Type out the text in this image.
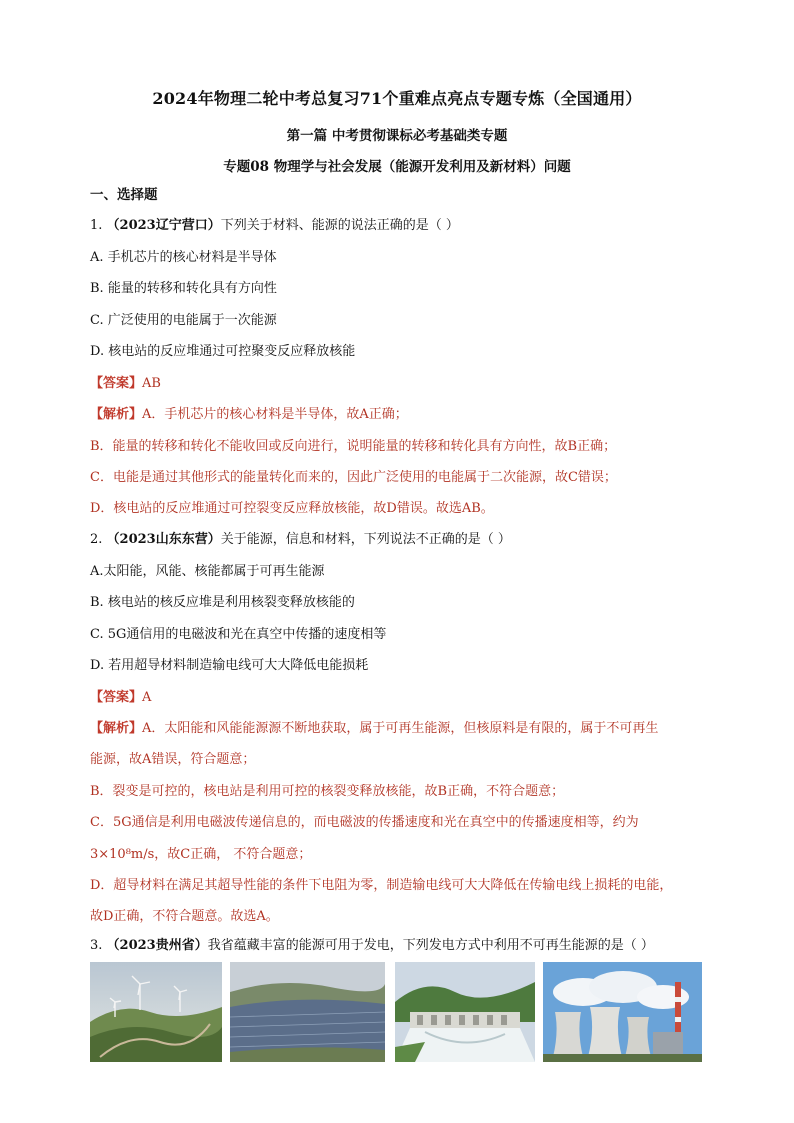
2024年物理二轮中考总复习71个重难点亮点专题专炼（全国通用）
第一篇 中考贯彻课标必考基础类专题
专题08 物理学与社会发展（能源开发利用及新材料）问题
一、选择题
1. （2023辽宁营口）下列关于材料、能源的说法正确的是（ ）
A. 手机芯片的核心材料是半导体
B. 能量的转移和转化具有方向性
C. 广泛使用的电能属于一次能源
D. 核电站的反应堆通过可控聚变反应释放核能
【答案】AB
【解析】A．手机芯片的核心材料是半导体，故A正确；
B．能量的转移和转化不能收回或反向进行，说明能量的转移和转化具有方向性，故B正确；
C．电能是通过其他形式的能量转化而来的，因此广泛使用的电能属于二次能源，故C错误；
D．核电站的反应堆通过可控裂变反应释放核能，故D错误。故选AB。
2. （2023山东东营）关于能源，信息和材料，下列说法不正确的是（ ）
A.太阳能，风能、核能都属于可再生能源
B. 核电站的核反应堆是利用核裂变释放核能的
C. 5G通信用的电磁波和光在真空中传播的速度相等
D. 若用超导材料制造输电线可大大降低电能损耗
【答案】A
【解析】A．太阳能和风能能源源不断地获取，属于可再生能源，但核原料是有限的，属于不可再生
能源，故A错误，符合题意；
B．裂变是可控的，核电站是利用可控的核裂变释放核能，故B正确，不符合题意；
C．5G通信是利用电磁波传递信息的，而电磁波的传播速度和光在真空中的传播速度相等，约为
3×10⁸m/s，故C正确， 不符合题意；
D．超导材料在满足其超导性能的条件下电阻为零，制造输电线可大大降低在传输电线上损耗的电能，
故D正确，不符合题意。故选A。
3. （2023贵州省）我省蕴藏丰富的能源可用于发电，下列发电方式中利用不可再生能源的是（ ）
